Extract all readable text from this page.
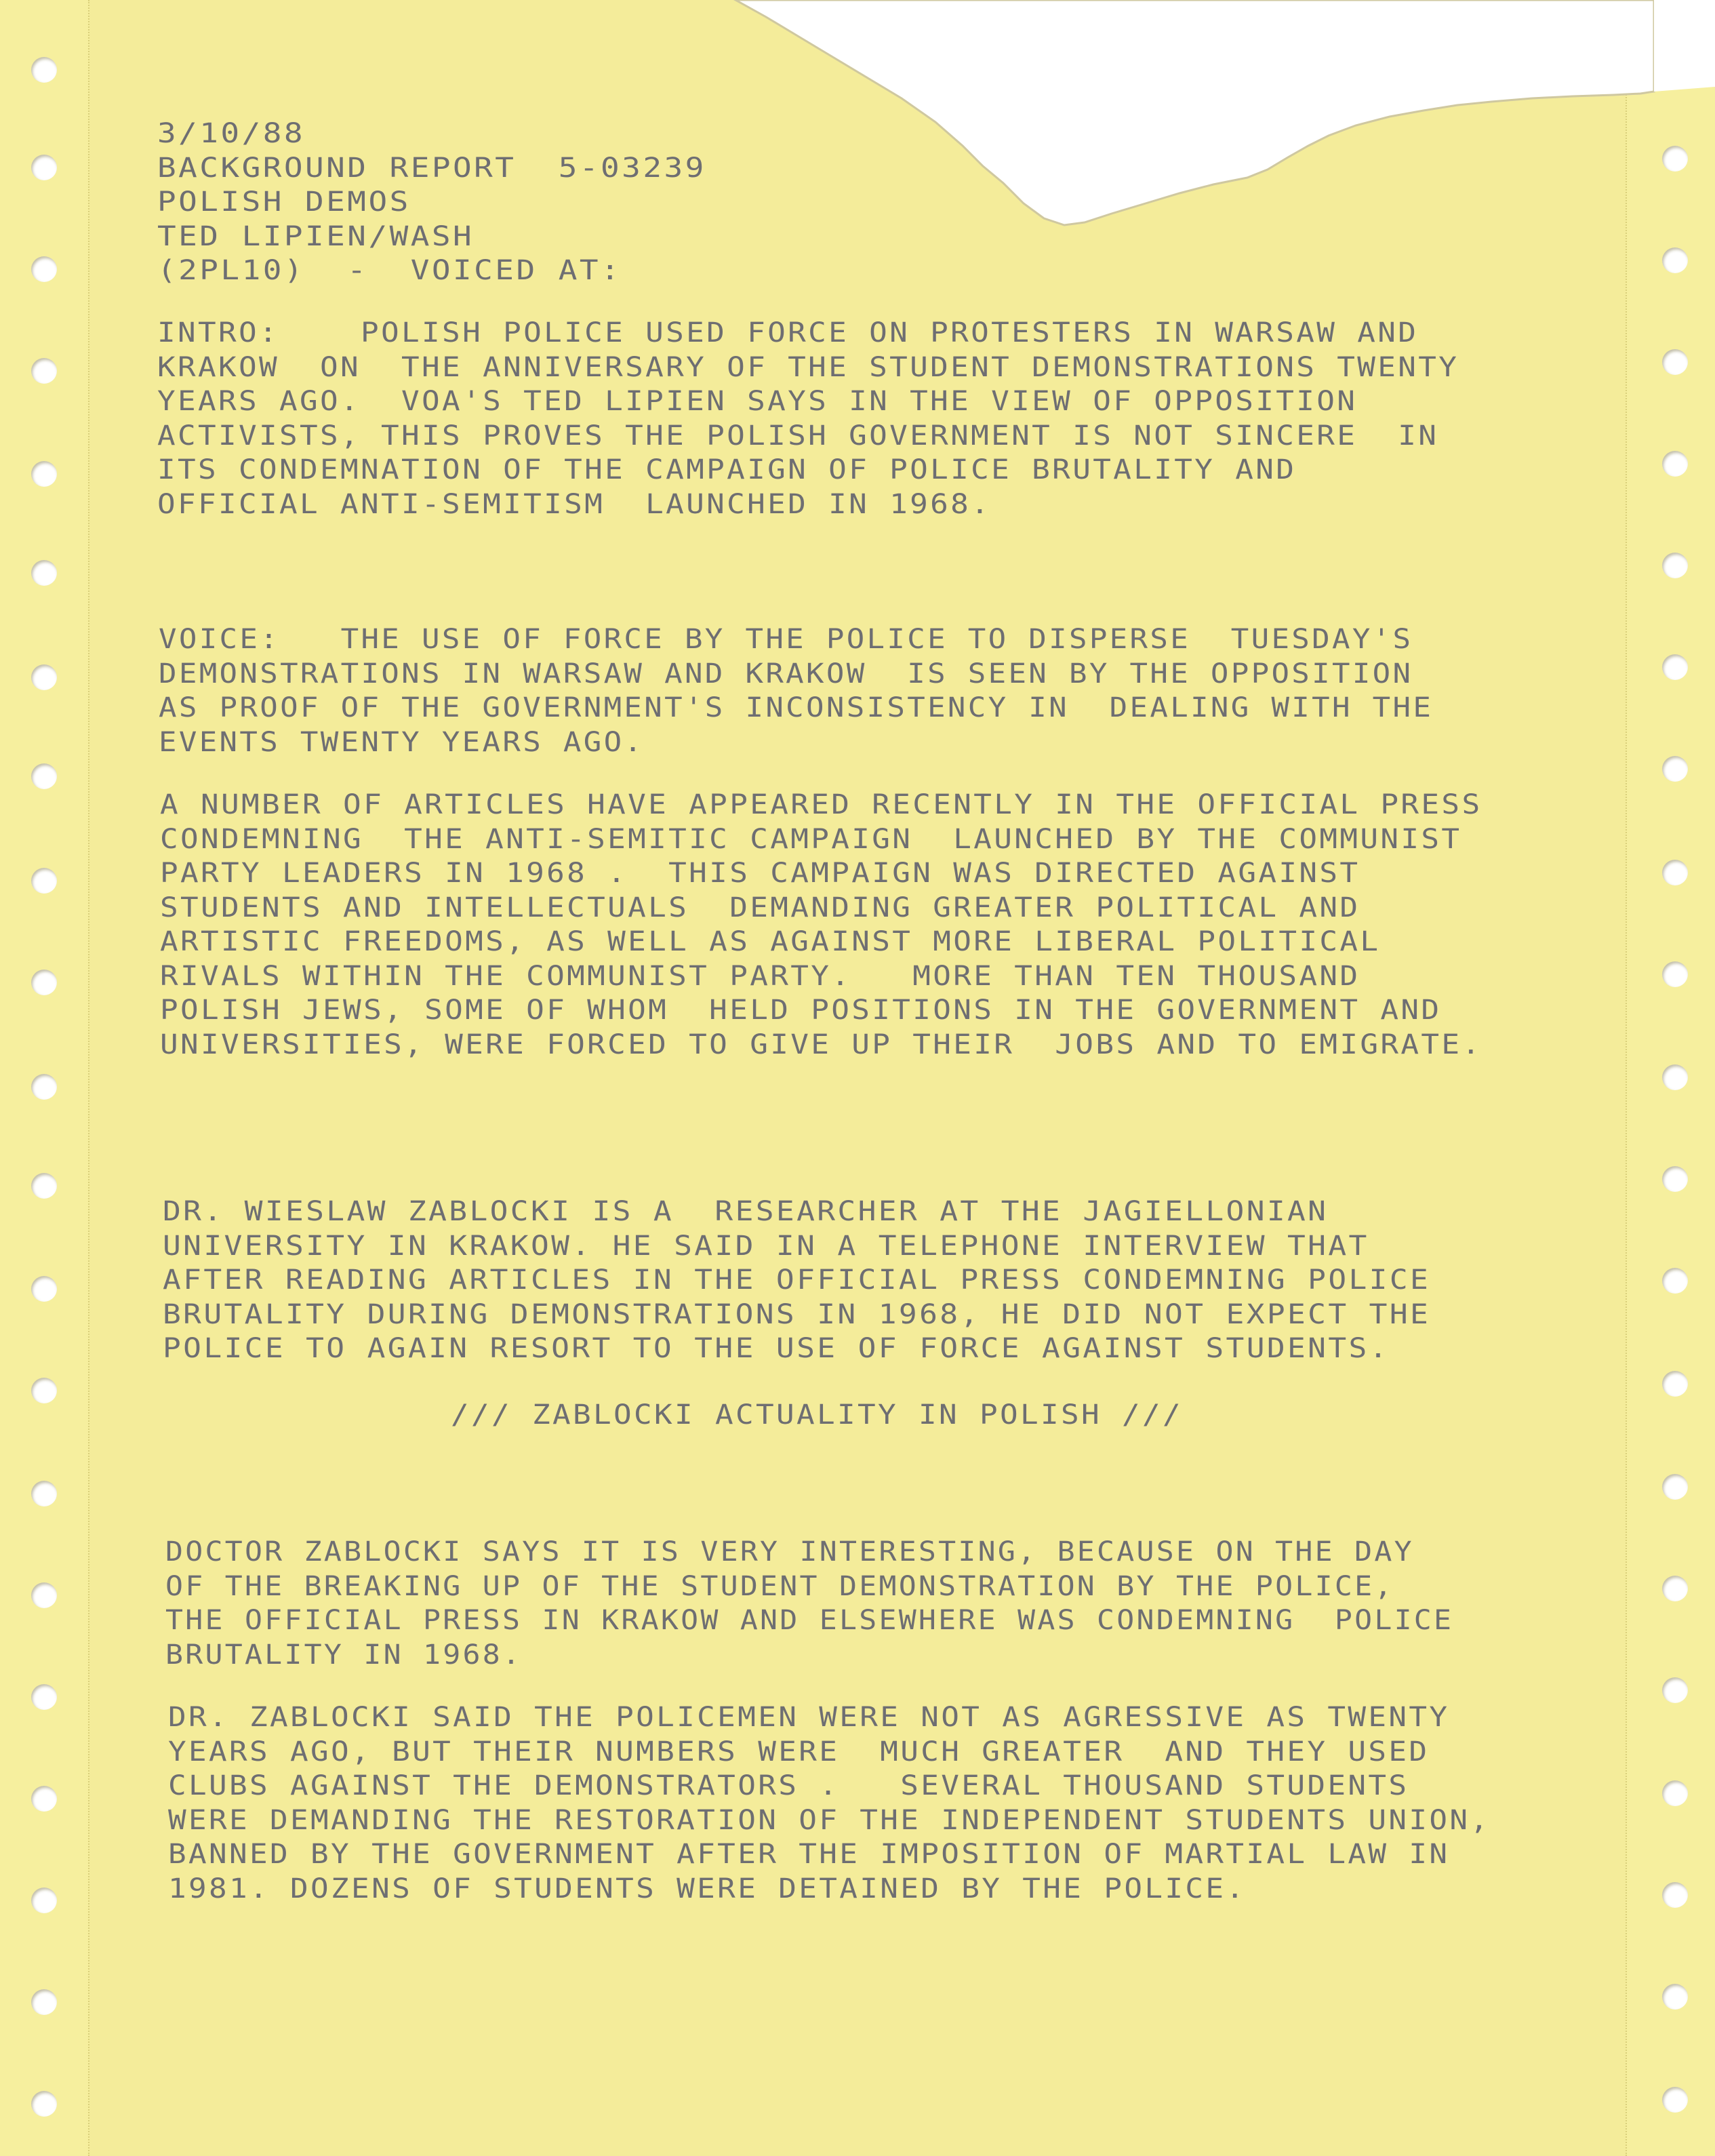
3/10/88
BACKGROUND REPORT  5-03239
POLISH DEMOS
TED LIPIEN/WASH
(2PL10)  -  VOICED AT:
INTRO:    POLISH POLICE USED FORCE ON PROTESTERS IN WARSAW AND
KRAKOW  ON  THE ANNIVERSARY OF THE STUDENT DEMONSTRATIONS TWENTY
YEARS AGO.  VOA'S TED LIPIEN SAYS IN THE VIEW OF OPPOSITION
ACTIVISTS, THIS PROVES THE POLISH GOVERNMENT IS NOT SINCERE  IN
ITS CONDEMNATION OF THE CAMPAIGN OF POLICE BRUTALITY AND
OFFICIAL ANTI-SEMITISM  LAUNCHED IN 1968.
VOICE:   THE USE OF FORCE BY THE POLICE TO DISPERSE  TUESDAY'S
DEMONSTRATIONS IN WARSAW AND KRAKOW  IS SEEN BY THE OPPOSITION
AS PROOF OF THE GOVERNMENT'S INCONSISTENCY IN  DEALING WITH THE
EVENTS TWENTY YEARS AGO.
A NUMBER OF ARTICLES HAVE APPEARED RECENTLY IN THE OFFICIAL PRESS
CONDEMNING  THE ANTI-SEMITIC CAMPAIGN  LAUNCHED BY THE COMMUNIST
PARTY LEADERS IN 1968 .  THIS CAMPAIGN WAS DIRECTED AGAINST
STUDENTS AND INTELLECTUALS  DEMANDING GREATER POLITICAL AND
ARTISTIC FREEDOMS, AS WELL AS AGAINST MORE LIBERAL POLITICAL
RIVALS WITHIN THE COMMUNIST PARTY.   MORE THAN TEN THOUSAND
POLISH JEWS, SOME OF WHOM  HELD POSITIONS IN THE GOVERNMENT AND
UNIVERSITIES, WERE FORCED TO GIVE UP THEIR  JOBS AND TO EMIGRATE.
DR. WIESLAW ZABLOCKI IS A  RESEARCHER AT THE JAGIELLONIAN
UNIVERSITY IN KRAKOW. HE SAID IN A TELEPHONE INTERVIEW THAT
AFTER READING ARTICLES IN THE OFFICIAL PRESS CONDEMNING POLICE
BRUTALITY DURING DEMONSTRATIONS IN 1968, HE DID NOT EXPECT THE
POLICE TO AGAIN RESORT TO THE USE OF FORCE AGAINST STUDENTS.
/// ZABLOCKI ACTUALITY IN POLISH ///
DOCTOR ZABLOCKI SAYS IT IS VERY INTERESTING, BECAUSE ON THE DAY
OF THE BREAKING UP OF THE STUDENT DEMONSTRATION BY THE POLICE,
THE OFFICIAL PRESS IN KRAKOW AND ELSEWHERE WAS CONDEMNING  POLICE
BRUTALITY IN 1968.
DR. ZABLOCKI SAID THE POLICEMEN WERE NOT AS AGRESSIVE AS TWENTY
YEARS AGO, BUT THEIR NUMBERS WERE  MUCH GREATER  AND THEY USED
CLUBS AGAINST THE DEMONSTRATORS .   SEVERAL THOUSAND STUDENTS
WERE DEMANDING THE RESTORATION OF THE INDEPENDENT STUDENTS UNION,
BANNED BY THE GOVERNMENT AFTER THE IMPOSITION OF MARTIAL LAW IN
1981. DOZENS OF STUDENTS WERE DETAINED BY THE POLICE.
